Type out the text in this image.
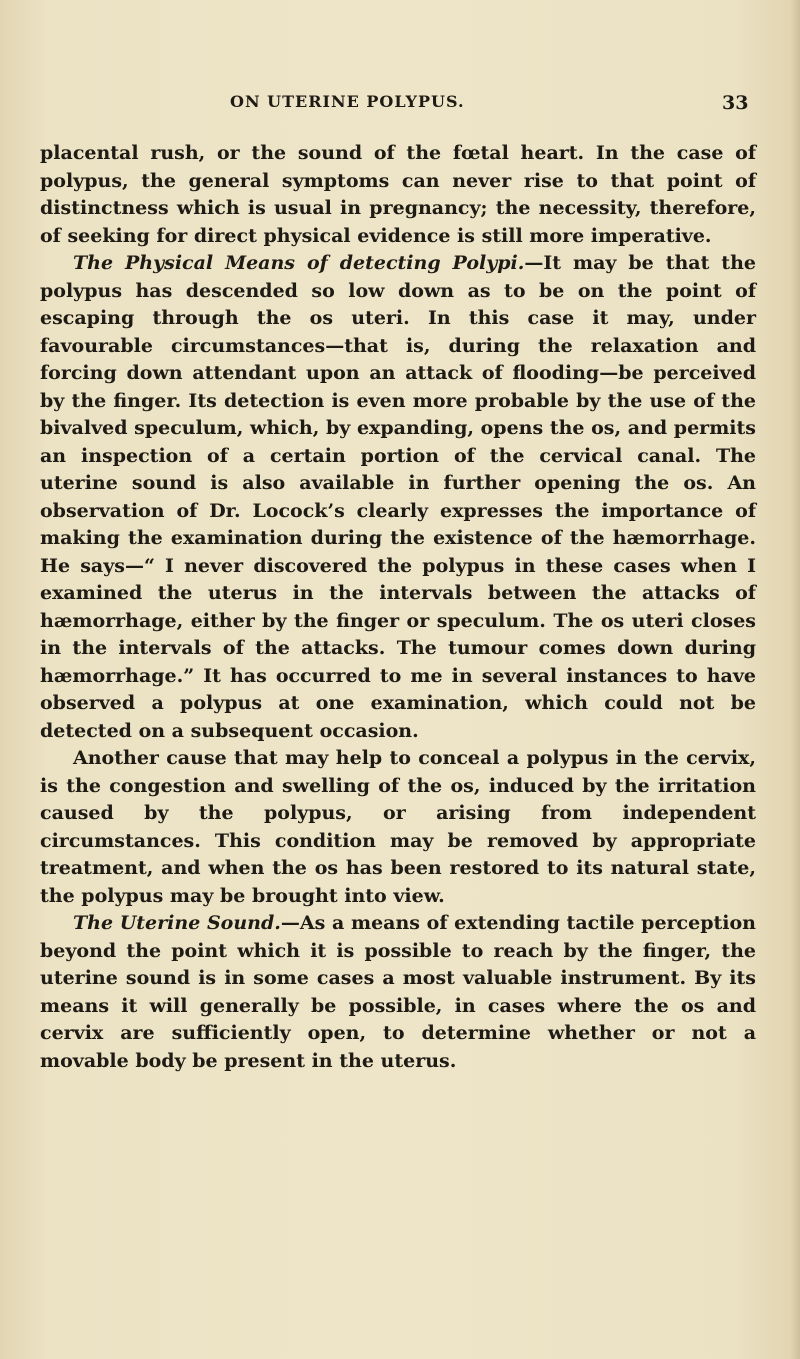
ON UTERINE POLYPUS.	33

placental rush, or the sound of the fœtal heart. In the case of polypus, the general symptoms can never rise to that point of distinctness which is usual in pregnancy; the necessity, therefore, of seeking for direct physical evidence is still more imperative.

The Physical Means of detecting Polypi.—It may be that the polypus has descended so low down as to be on the point of escaping through the os uteri. In this case it may, under favourable circumstances—that is, during the relaxation and forcing down attendant upon an attack of flooding—be perceived by the finger. Its detection is even more probable by the use of the bivalved speculum, which, by expanding, opens the os, and permits an inspection of a certain portion of the cervical canal. The uterine sound is also available in further opening the os. An observation of Dr. Locock’s clearly expresses the importance of making the examination during the existence of the hæmorrhage. He says—“ I never discovered the polypus in these cases when I examined the uterus in the intervals between the attacks of hæmorrhage, either by the finger or speculum. The os uteri closes in the intervals of the attacks. The tumour comes down during hæmorrhage.” It has occurred to me in several instances to have observed a polypus at one examination, which could not be detected on a subsequent occasion.

Another cause that may help to conceal a polypus in the cervix, is the congestion and swelling of the os, induced by the irritation caused by the polypus, or arising from independent circumstances. This condition may be removed by appropriate treatment, and when the os has been restored to its natural state, the polypus may be brought into view.

The Uterine Sound.—As a means of extending tactile perception beyond the point which it is possible to reach by the finger, the uterine sound is in some cases a most valuable instrument. By its means it will generally be possible, in cases where the os and cervix are sufficiently open, to determine whether or not a movable body be present in the uterus.
